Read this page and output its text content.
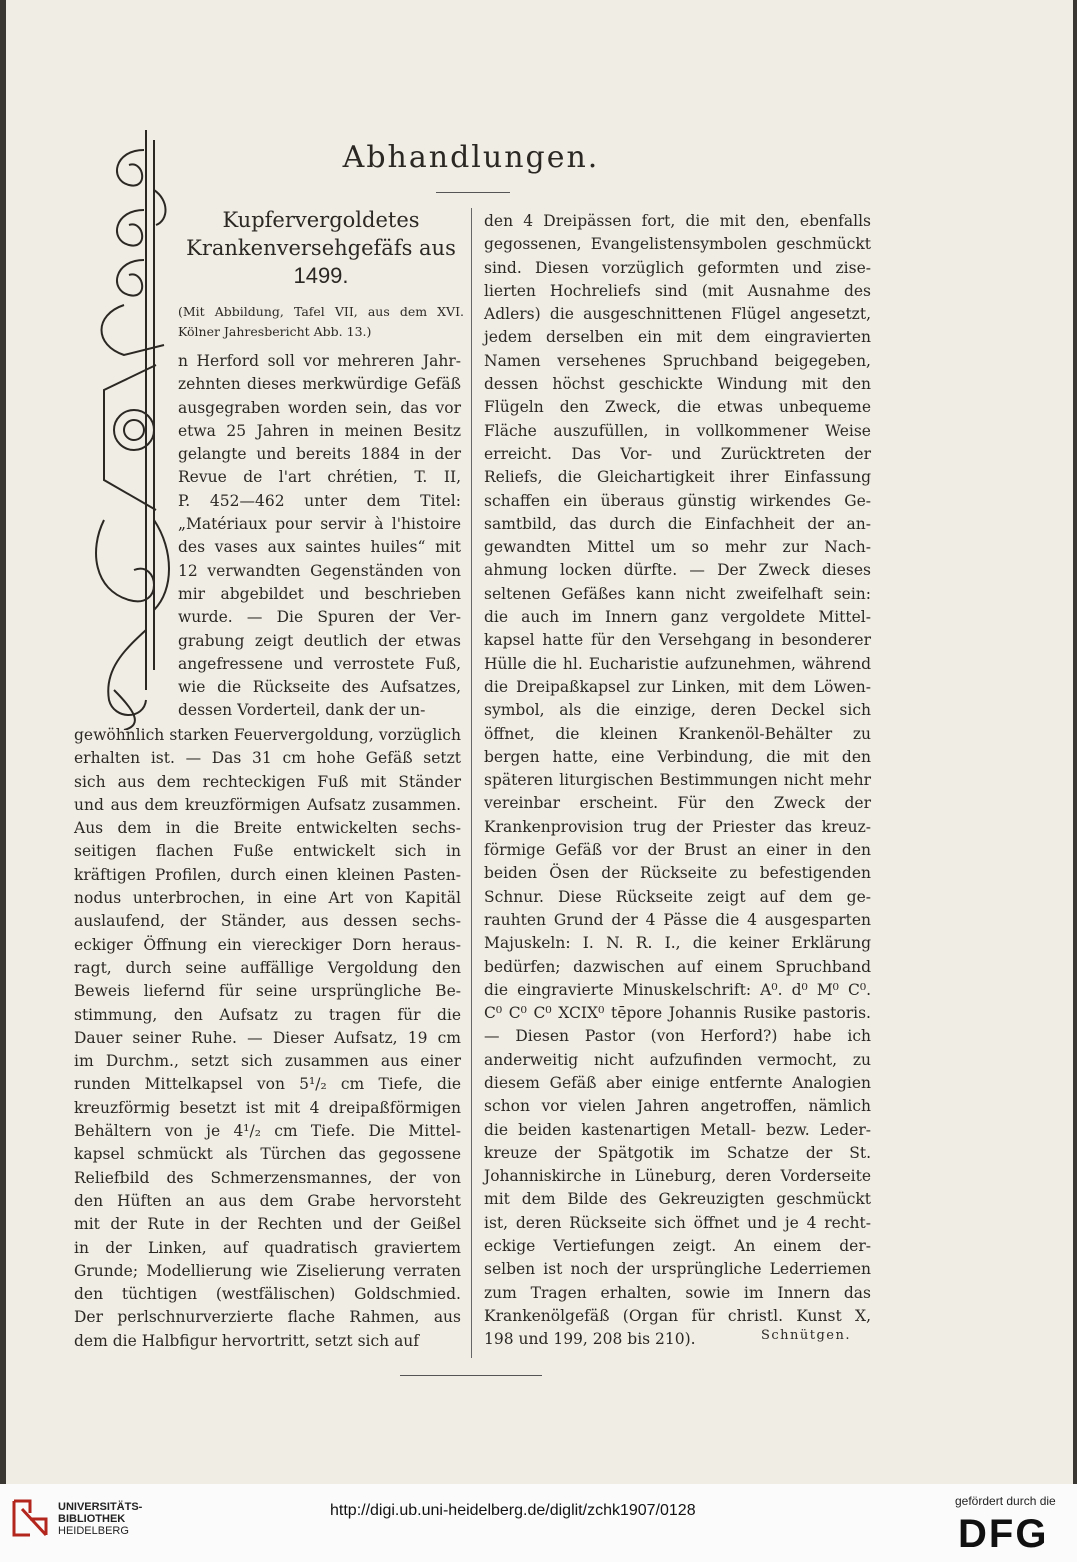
Abhandlungen.
Kupfervergoldetes
Krankenversehgefäfs aus
1499.
(Mit Abbildung, Tafel VII, aus dem XVI. Kölner Jahresbericht Abb. 13.)
n Herford soll vor mehreren Jahr-
zehnten dieses merkwürdige Gefäß
ausgegraben worden sein, das vor
etwa 25 Jahren in meinen Besitz
gelangte und bereits 1884 in der
Revue de l'art chrétien, T. II,
P. 452—462 unter dem Titel:
„Matériaux pour servir à l'histoire
des vases aux saintes huiles“ mit
12 verwandten Gegenständen von
mir abgebildet und beschrieben
wurde. — Die Spuren der Ver-
grabung zeigt deutlich der etwas
angefressene und verrostete Fuß,
wie die Rückseite des Aufsatzes,
dessen Vorderteil, dank der un-
gewöhnlich starken Feuervergoldung, vorzüglich
erhalten ist. — Das 31 cm hohe Gefäß setzt
sich aus dem rechteckigen Fuß mit Ständer
und aus dem kreuzförmigen Aufsatz zusammen.
Aus dem in die Breite entwickelten sechs-
seitigen flachen Fuße entwickelt sich in
kräftigen Profilen, durch einen kleinen Pasten-
nodus unterbrochen, in eine Art von Kapitäl
auslaufend, der Ständer, aus dessen sechs-
eckiger Öffnung ein viereckiger Dorn heraus-
ragt, durch seine auffällige Vergoldung den
Beweis liefernd für seine ursprüngliche Be-
stimmung, den Aufsatz zu tragen für die
Dauer seiner Ruhe. — Dieser Aufsatz, 19 cm
im Durchm., setzt sich zusammen aus einer
runden Mittelkapsel von 5¹/₂ cm Tiefe, die
kreuzförmig besetzt ist mit 4 dreipaßförmigen
Behältern von je 4¹/₂ cm Tiefe. Die Mittel-
kapsel schmückt als Türchen das gegossene
Reliefbild des Schmerzensmannes, der von
den Hüften an aus dem Grabe hervorsteht
mit der Rute in der Rechten und der Geißel
in der Linken, auf quadratisch graviertem
Grunde; Modellierung wie Ziselierung verraten
den tüchtigen (westfälischen) Goldschmied.
Der perlschnurverzierte flache Rahmen, aus
dem die Halbfigur hervortritt, setzt sich auf
den 4 Dreipässen fort, die mit den, ebenfalls
gegossenen, Evangelistensymbolen geschmückt
sind. Diesen vorzüglich geformten und zise-
lierten Hochreliefs sind (mit Ausnahme des
Adlers) die ausgeschnittenen Flügel angesetzt,
jedem derselben ein mit dem eingravierten
Namen versehenes Spruchband beigegeben,
dessen höchst geschickte Windung mit den
Flügeln den Zweck, die etwas unbequeme
Fläche auszufüllen, in vollkommener Weise
erreicht. Das Vor- und Zurücktreten der
Reliefs, die Gleichartigkeit ihrer Einfassung
schaffen ein überaus günstig wirkendes Ge-
samtbild, das durch die Einfachheit der an-
gewandten Mittel um so mehr zur Nach-
ahmung locken dürfte. — Der Zweck dieses
seltenen Gefäßes kann nicht zweifelhaft sein:
die auch im Innern ganz vergoldete Mittel-
kapsel hatte für den Versehgang in besonderer
Hülle die hl. Eucharistie aufzunehmen, während
die Dreipaßkapsel zur Linken, mit dem Löwen-
symbol, als die einzige, deren Deckel sich
öffnet, die kleinen Krankenöl-Behälter zu
bergen hatte, eine Verbindung, die mit den
späteren liturgischen Bestimmungen nicht mehr
vereinbar erscheint. Für den Zweck der
Krankenprovision trug der Priester das kreuz-
förmige Gefäß vor der Brust an einer in den
beiden Ösen der Rückseite zu befestigenden
Schnur. Diese Rückseite zeigt auf dem ge-
rauhten Grund der 4 Pässe die 4 ausgesparten
Majuskeln: I. N. R. I., die keiner Erklärung
bedürfen; dazwischen auf einem Spruchband
die eingravierte Minuskelschrift: A⁰. d⁰ M⁰ C⁰.
C⁰ C⁰ C⁰ XCIX⁰ tēpore Johannis Rusike pastoris.
— Diesen Pastor (von Herford?) habe ich
anderweitig nicht aufzufinden vermocht, zu
diesem Gefäß aber einige entfernte Analogien
schon vor vielen Jahren angetroffen, nämlich
die beiden kastenartigen Metall- bezw. Leder-
kreuze der Spätgotik im Schatze der St.
Johanniskirche in Lüneburg, deren Vorderseite
mit dem Bilde des Gekreuzigten geschmückt
ist, deren Rückseite sich öffnet und je 4 recht-
eckige Vertiefungen zeigt. An einem der-
selben ist noch der ursprüngliche Lederriemen
zum Tragen erhalten, sowie im Innern das
Krankenölgefäß (Organ für christl. Kunst X,
198 und 199, 208 bis 210).	Schnütgen.
UNIVERSITÄTS-
BIBLIOTHEK
HEIDELBERG
http://digi.ub.uni-heidelberg.de/diglit/zchk1907/0128
gefördert durch die
DFG
